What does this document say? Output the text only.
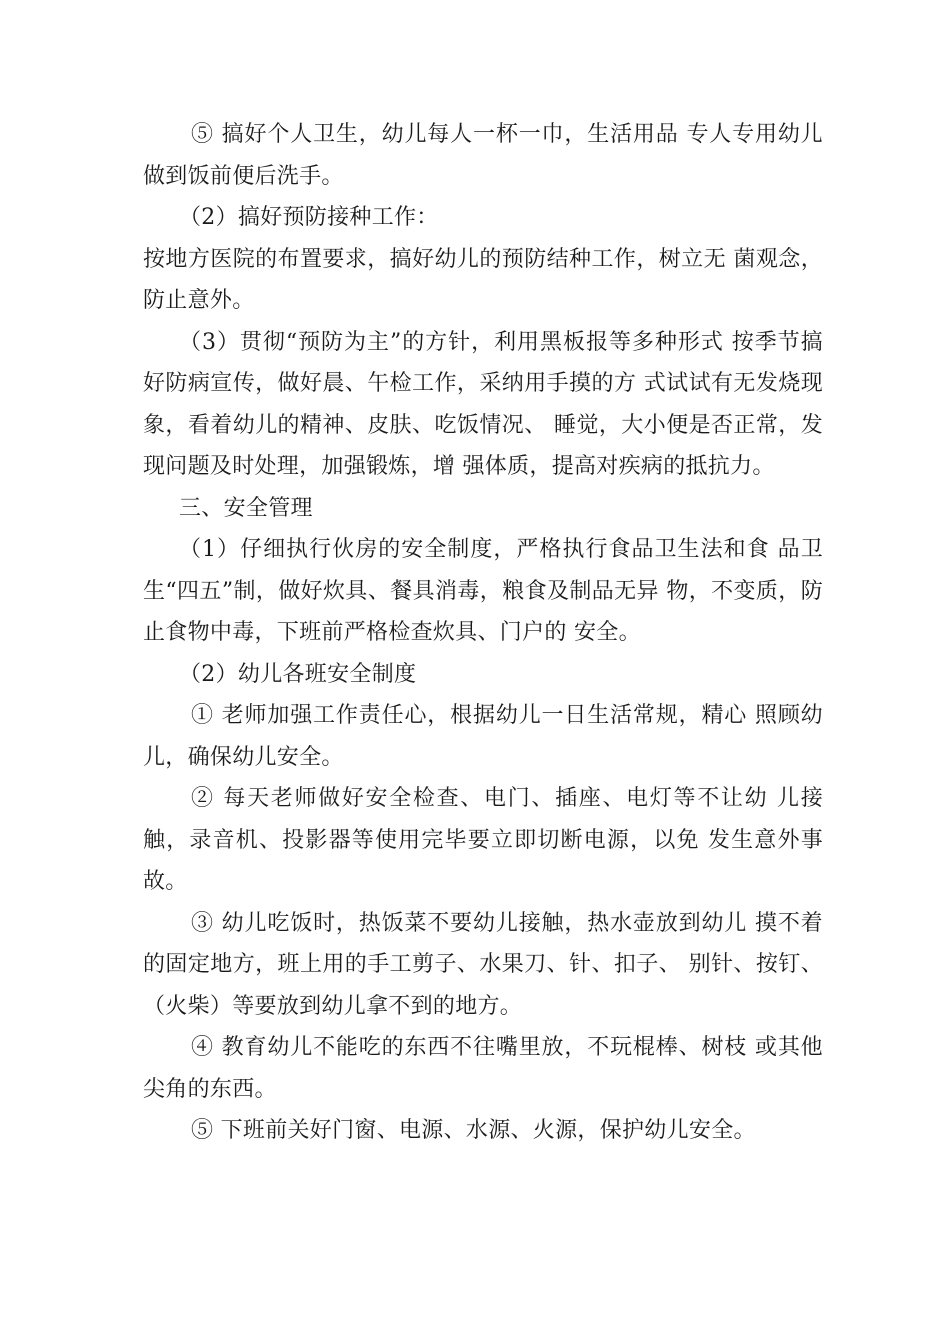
⑤ 搞好个人卫生，幼儿每人一杯一巾，生活用品 专人专用幼儿做到饭前便后洗手。

（2）搞好预防接种工作：

按地方医院的布置要求，搞好幼儿的预防结种工作，树立无 菌观念，防止意外。

（3）贯彻“预防为主”的方针，利用黑板报等多种形式 按季节搞好防病宣传，做好晨、午检工作，采纳用手摸的方 式试试有无发烧现象，看着幼儿的精神、皮肤、吃饭情况、 睡觉，大小便是否正常，发现问题及时处理，加强锻炼，增 强体质，提高对疾病的抵抗力。

三、安全管理

（1）仔细执行伙房的安全制度，严格执行食品卫生法和食 品卫生“四五”制，做好炊具、餐具消毒，粮食及制品无异 物，不变质，防止食物中毒，下班前严格检查炊具、门户的 安全。

（2）幼儿各班安全制度

① 老师加强工作责任心，根据幼儿一日生活常规，精心 照顾幼儿，确保幼儿安全。

② 每天老师做好安全检查、电门、插座、电灯等不让幼 儿接触，录音机、投影器等使用完毕要立即切断电源，以免 发生意外事故。

③ 幼儿吃饭时，热饭菜不要幼儿接触，热水壶放到幼儿 摸不着的固定地方，班上用的手工剪子、水果刀、针、扣子、 别针、按钉、（火柴）等要放到幼儿拿不到的地方。

④ 教育幼儿不能吃的东西不往嘴里放，不玩棍棒、树枝 或其他尖角的东西。

⑤ 下班前关好门窗、电源、水源、火源，保护幼儿安全。
